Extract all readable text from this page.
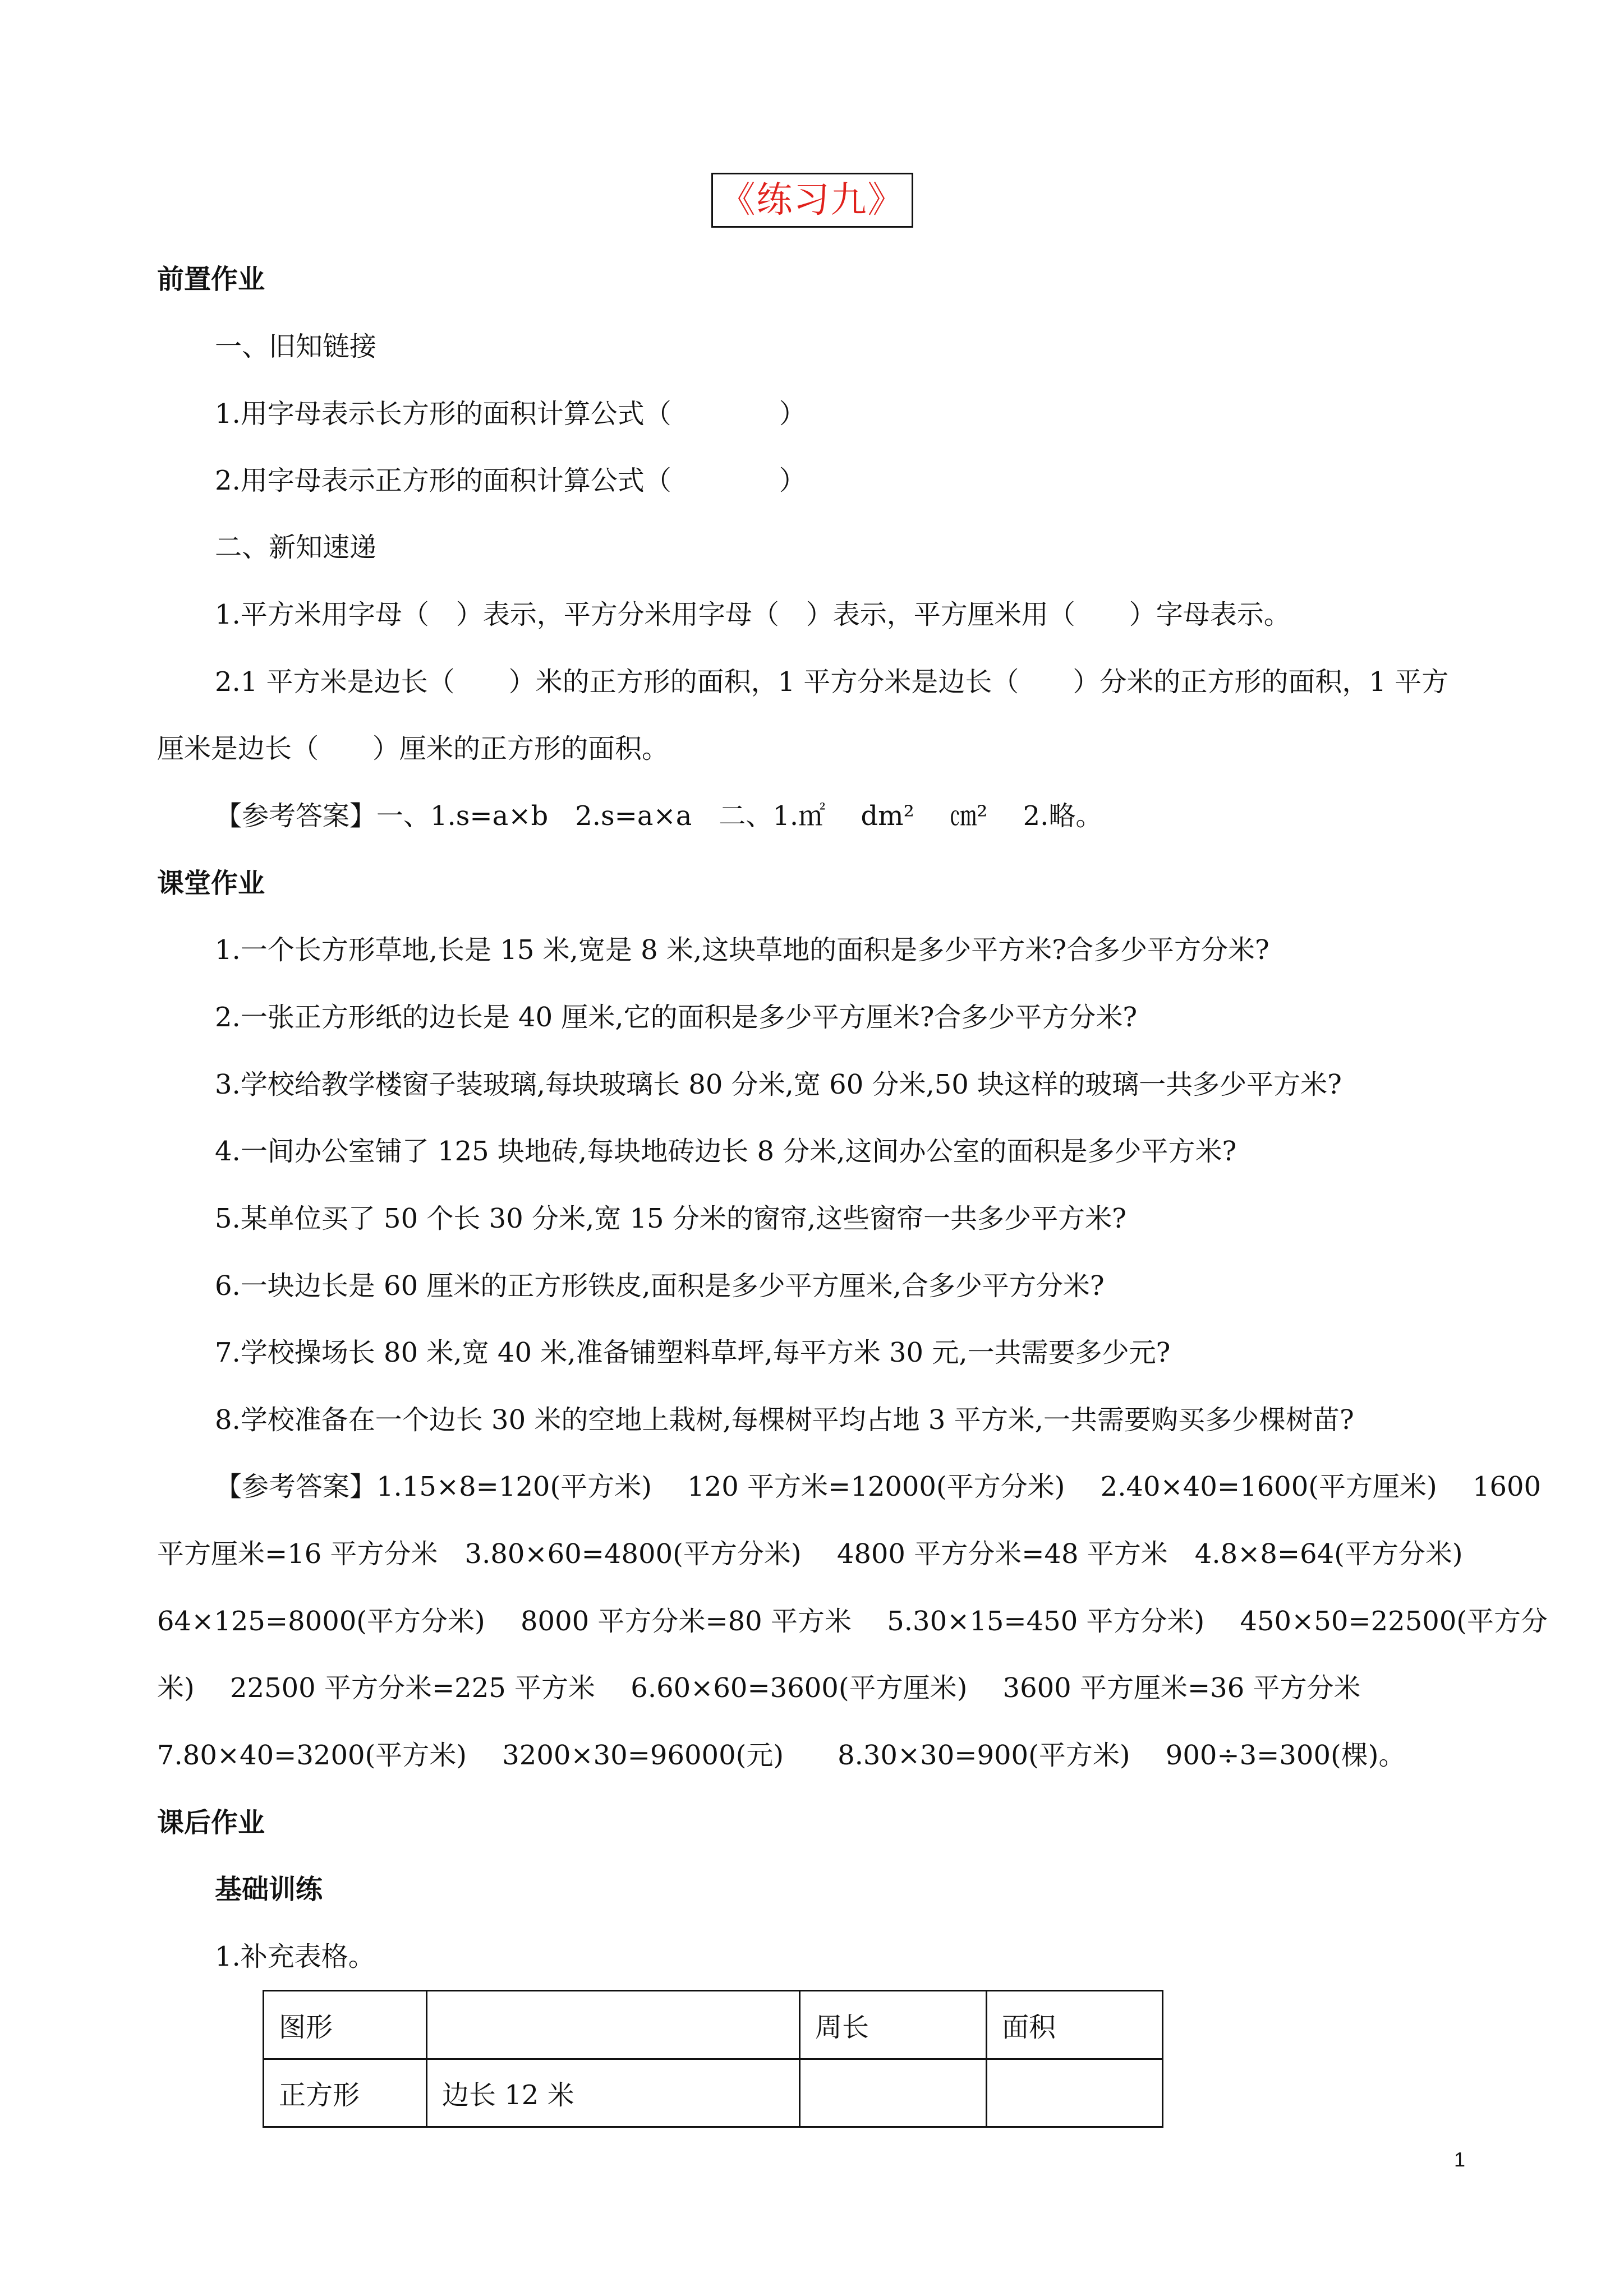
《练习九》
前置作业
一、旧知链接
1.用字母表示长方形的面积计算公式（　　　　）
2.用字母表示正方形的面积计算公式（　　　　）
二、新知速递
1.平方米用字母（　）表示，平方分米用字母（　）表示，平方厘米用（　　）字母表示。
2.1 平方米是边长（　　）米的正方形的面积，1 平方分米是边长（　　）分米的正方形的面积，1 平方
厘米是边长（　　）厘米的正方形的面积。
【参考答案】一、1.s=a×b　2.s=a×a　二、1.㎡　 dm²　 ㎝²　 2.略。
课堂作业
1.一个长方形草地,长是 15 米,宽是 8 米,这块草地的面积是多少平方米?合多少平方分米?
2.一张正方形纸的边长是 40 厘米,它的面积是多少平方厘米?合多少平方分米?
3.学校给教学楼窗子装玻璃,每块玻璃长 80 分米,宽 60 分米,50 块这样的玻璃一共多少平方米?
4.一间办公室铺了 125 块地砖,每块地砖边长 8 分米,这间办公室的面积是多少平方米?
5.某单位买了 50 个长 30 分米,宽 15 分米的窗帘,这些窗帘一共多少平方米?
6.一块边长是 60 厘米的正方形铁皮,面积是多少平方厘米,合多少平方分米?
7.学校操场长 80 米,宽 40 米,准备铺塑料草坪,每平方米 30 元,一共需要多少元?
8.学校准备在一个边长 30 米的空地上栽树,每棵树平均占地 3 平方米,一共需要购买多少棵树苗?
【参考答案】1.15×8=120(平方米)　 120 平方米=12000(平方分米)　 2.40×40=1600(平方厘米)　 1600
平方厘米=16 平方分米　3.80×60=4800(平方分米)　 4800 平方分米=48 平方米　4.8×8=64(平方分米)
64×125=8000(平方分米)　 8000 平方分米=80 平方米　 5.30×15=450 平方分米)　 450×50=22500(平方分
米)　 22500 平方分米=225 平方米　 6.60×60=3600(平方厘米)　 3600 平方厘米=36 平方分米
7.80×40=3200(平方米)　 3200×30=96000(元)　　8.30×30=900(平方米)　 900÷3=300(棵)。
课后作业
基础训练
1.补充表格。
图形		周长	面积
正方形	边长 12 米		
1
